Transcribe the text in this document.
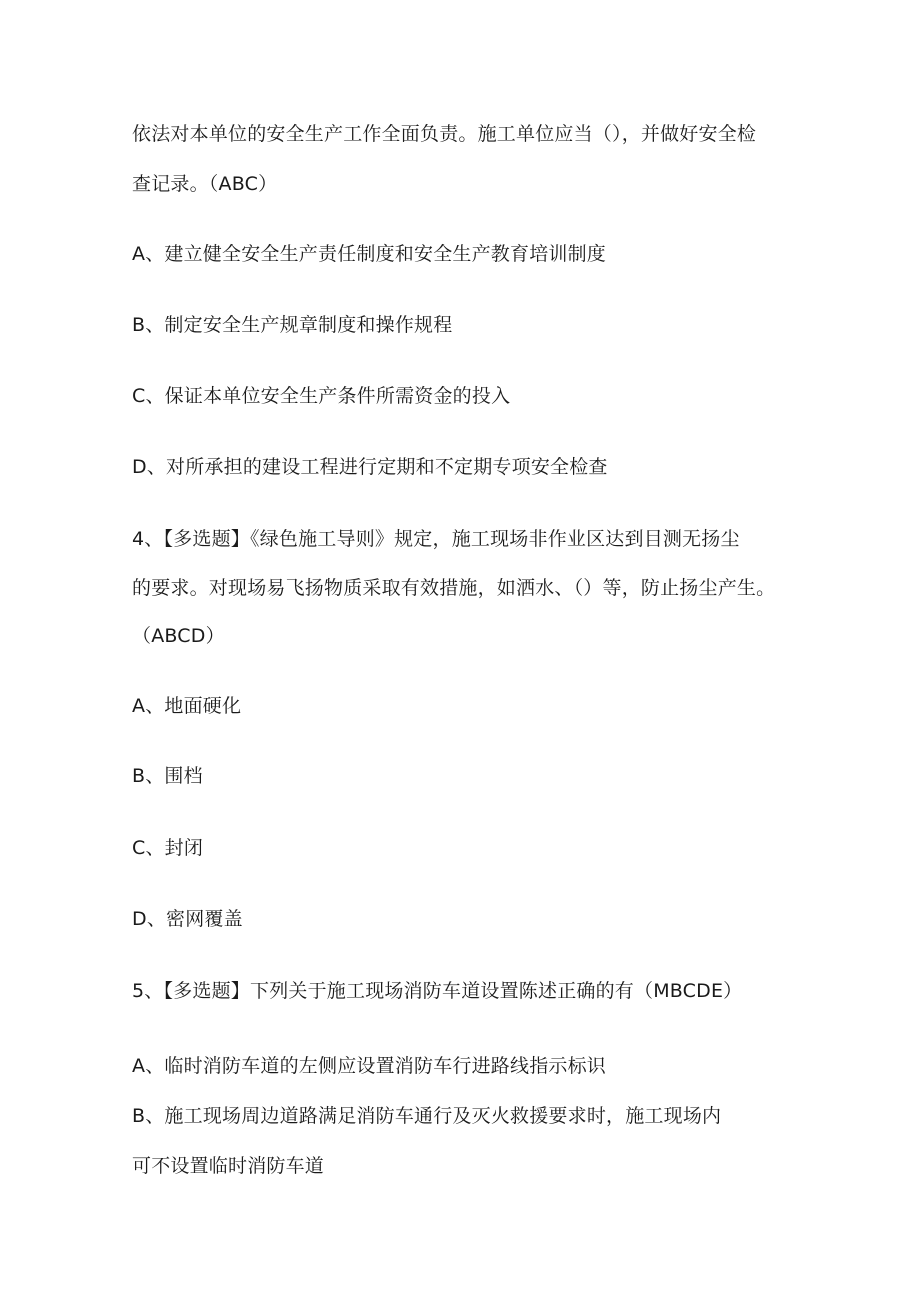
依法对本单位的安全生产工作全面负责。施工单位应当（），并做好安全检
查记录。（ABC）
A、建立健全安全生产责任制度和安全生产教育培训制度
B、制定安全生产规章制度和操作规程
C、保证本单位安全生产条件所需资金的投入
D、对所承担的建设工程进行定期和不定期专项安全检查
4、【多选题】《绿色施工导则》规定，施工现场非作业区达到目测无扬尘
的要求。对现场易飞扬物质采取有效措施，如洒水、（）等，防止扬尘产生。
（ABCD）
A、地面硬化
B、围档
C、封闭
D、密网覆盖
5、【多选题】下列关于施工现场消防车道设置陈述正确的有（MBCDE）
A、临时消防车道的左侧应设置消防车行进路线指示标识
B、施工现场周边道路满足消防车通行及灭火救援要求时，施工现场内
可不设置临时消防车道
